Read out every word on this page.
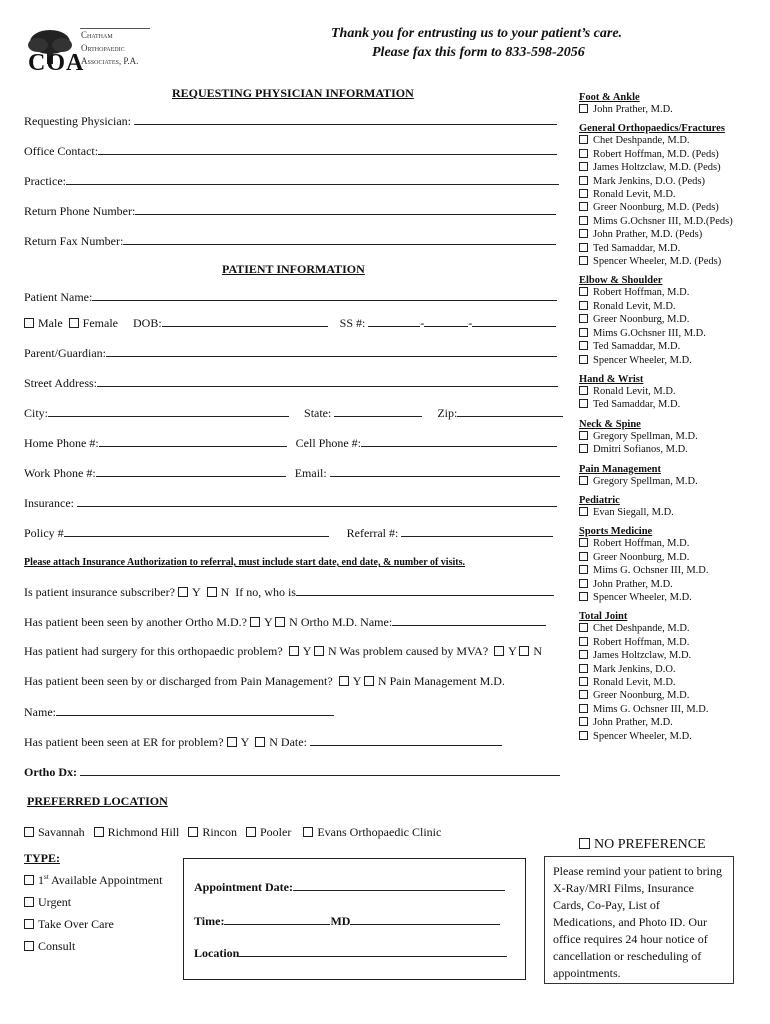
COA
Chatham
Orthopaedic
Associates, P.A.
Thank you for entrusting us to your patient’s care.
Please fax this form to 833-598-2056
REQUESTING PHYSICIAN INFORMATION
Requesting Physician:
Office Contact:
Practice:
Return Phone Number:
Return Fax Number:
PATIENT INFORMATION
Patient Name:
Male Female DOB:	SS #:	-	-
Parent/Guardian:
Street Address:
City:	State:	Zip:
Home Phone #:	Cell Phone #:
Work Phone #:	Email:
Insurance:
Policy #	Referral #:
Please attach Insurance Authorization to referral, must include start date, end date, & number of visits.
Is patient insurance subscriber? Y N If no, who is
Has patient been seen by another Ortho M.D.? Y N Ortho M.D. Name:
Has patient had surgery for this orthopaedic problem? Y N Was problem caused by MVA? Y N
Has patient been seen by or discharged from Pain Management? Y N Pain Management M.D.
Name:
Has patient been seen at ER for problem? Y N Date:
Ortho Dx:
PREFERRED LOCATION
Savannah Richmond Hill Rincon Pooler Evans Orthopaedic Clinic
TYPE:
1st Available Appointment
Urgent
Take Over Care
Consult
Appointment Date:
Time:	MD
Location
Foot & Ankle
John Prather, M.D.
General Orthopaedics/Fractures
Chet Deshpande, M.D.
Robert Hoffman, M.D. (Peds)
James Holtzclaw, M.D. (Peds)
Mark Jenkins, D.O. (Peds)
Ronald Levit, M.D.
Greer Noonburg, M.D. (Peds)
Mims G.Ochsner III, M.D.(Peds)
John Prather, M.D. (Peds)
Ted Samaddar, M.D.
Spencer Wheeler, M.D. (Peds)
Elbow & Shoulder
Robert Hoffman, M.D.
Ronald Levit, M.D.
Greer Noonburg, M.D.
Mims G.Ochsner III, M.D.
Ted Samaddar, M.D.
Spencer Wheeler, M.D.
Hand & Wrist
Ronald Levit, M.D.
Ted Samaddar, M.D.
Neck & Spine
Gregory Spellman, M.D.
Dmitri Sofianos, M.D.
Pain Management
Gregory Spellman, M.D.
Pediatric
Evan Siegall, M.D.
Sports Medicine
Robert Hoffman, M.D.
Greer Noonburg, M.D.
Mims G. Ochsner III, M.D.
John Prather, M.D.
Spencer Wheeler, M.D.
Total Joint
Chet Deshpande, M.D.
Robert Hoffman, M.D.
James Holtzclaw, M.D.
Mark Jenkins, D.O.
Ronald Levit, M.D.
Greer Noonburg, M.D.
Mims G. Ochsner III, M.D.
John Prather, M.D.
Spencer Wheeler, M.D.
NO PREFERENCE
Please remind your patient to bring X-Ray/MRI Films, Insurance Cards, Co-Pay, List of Medications, and Photo ID. Our office requires 24 hour notice of cancellation or rescheduling of appointments.
